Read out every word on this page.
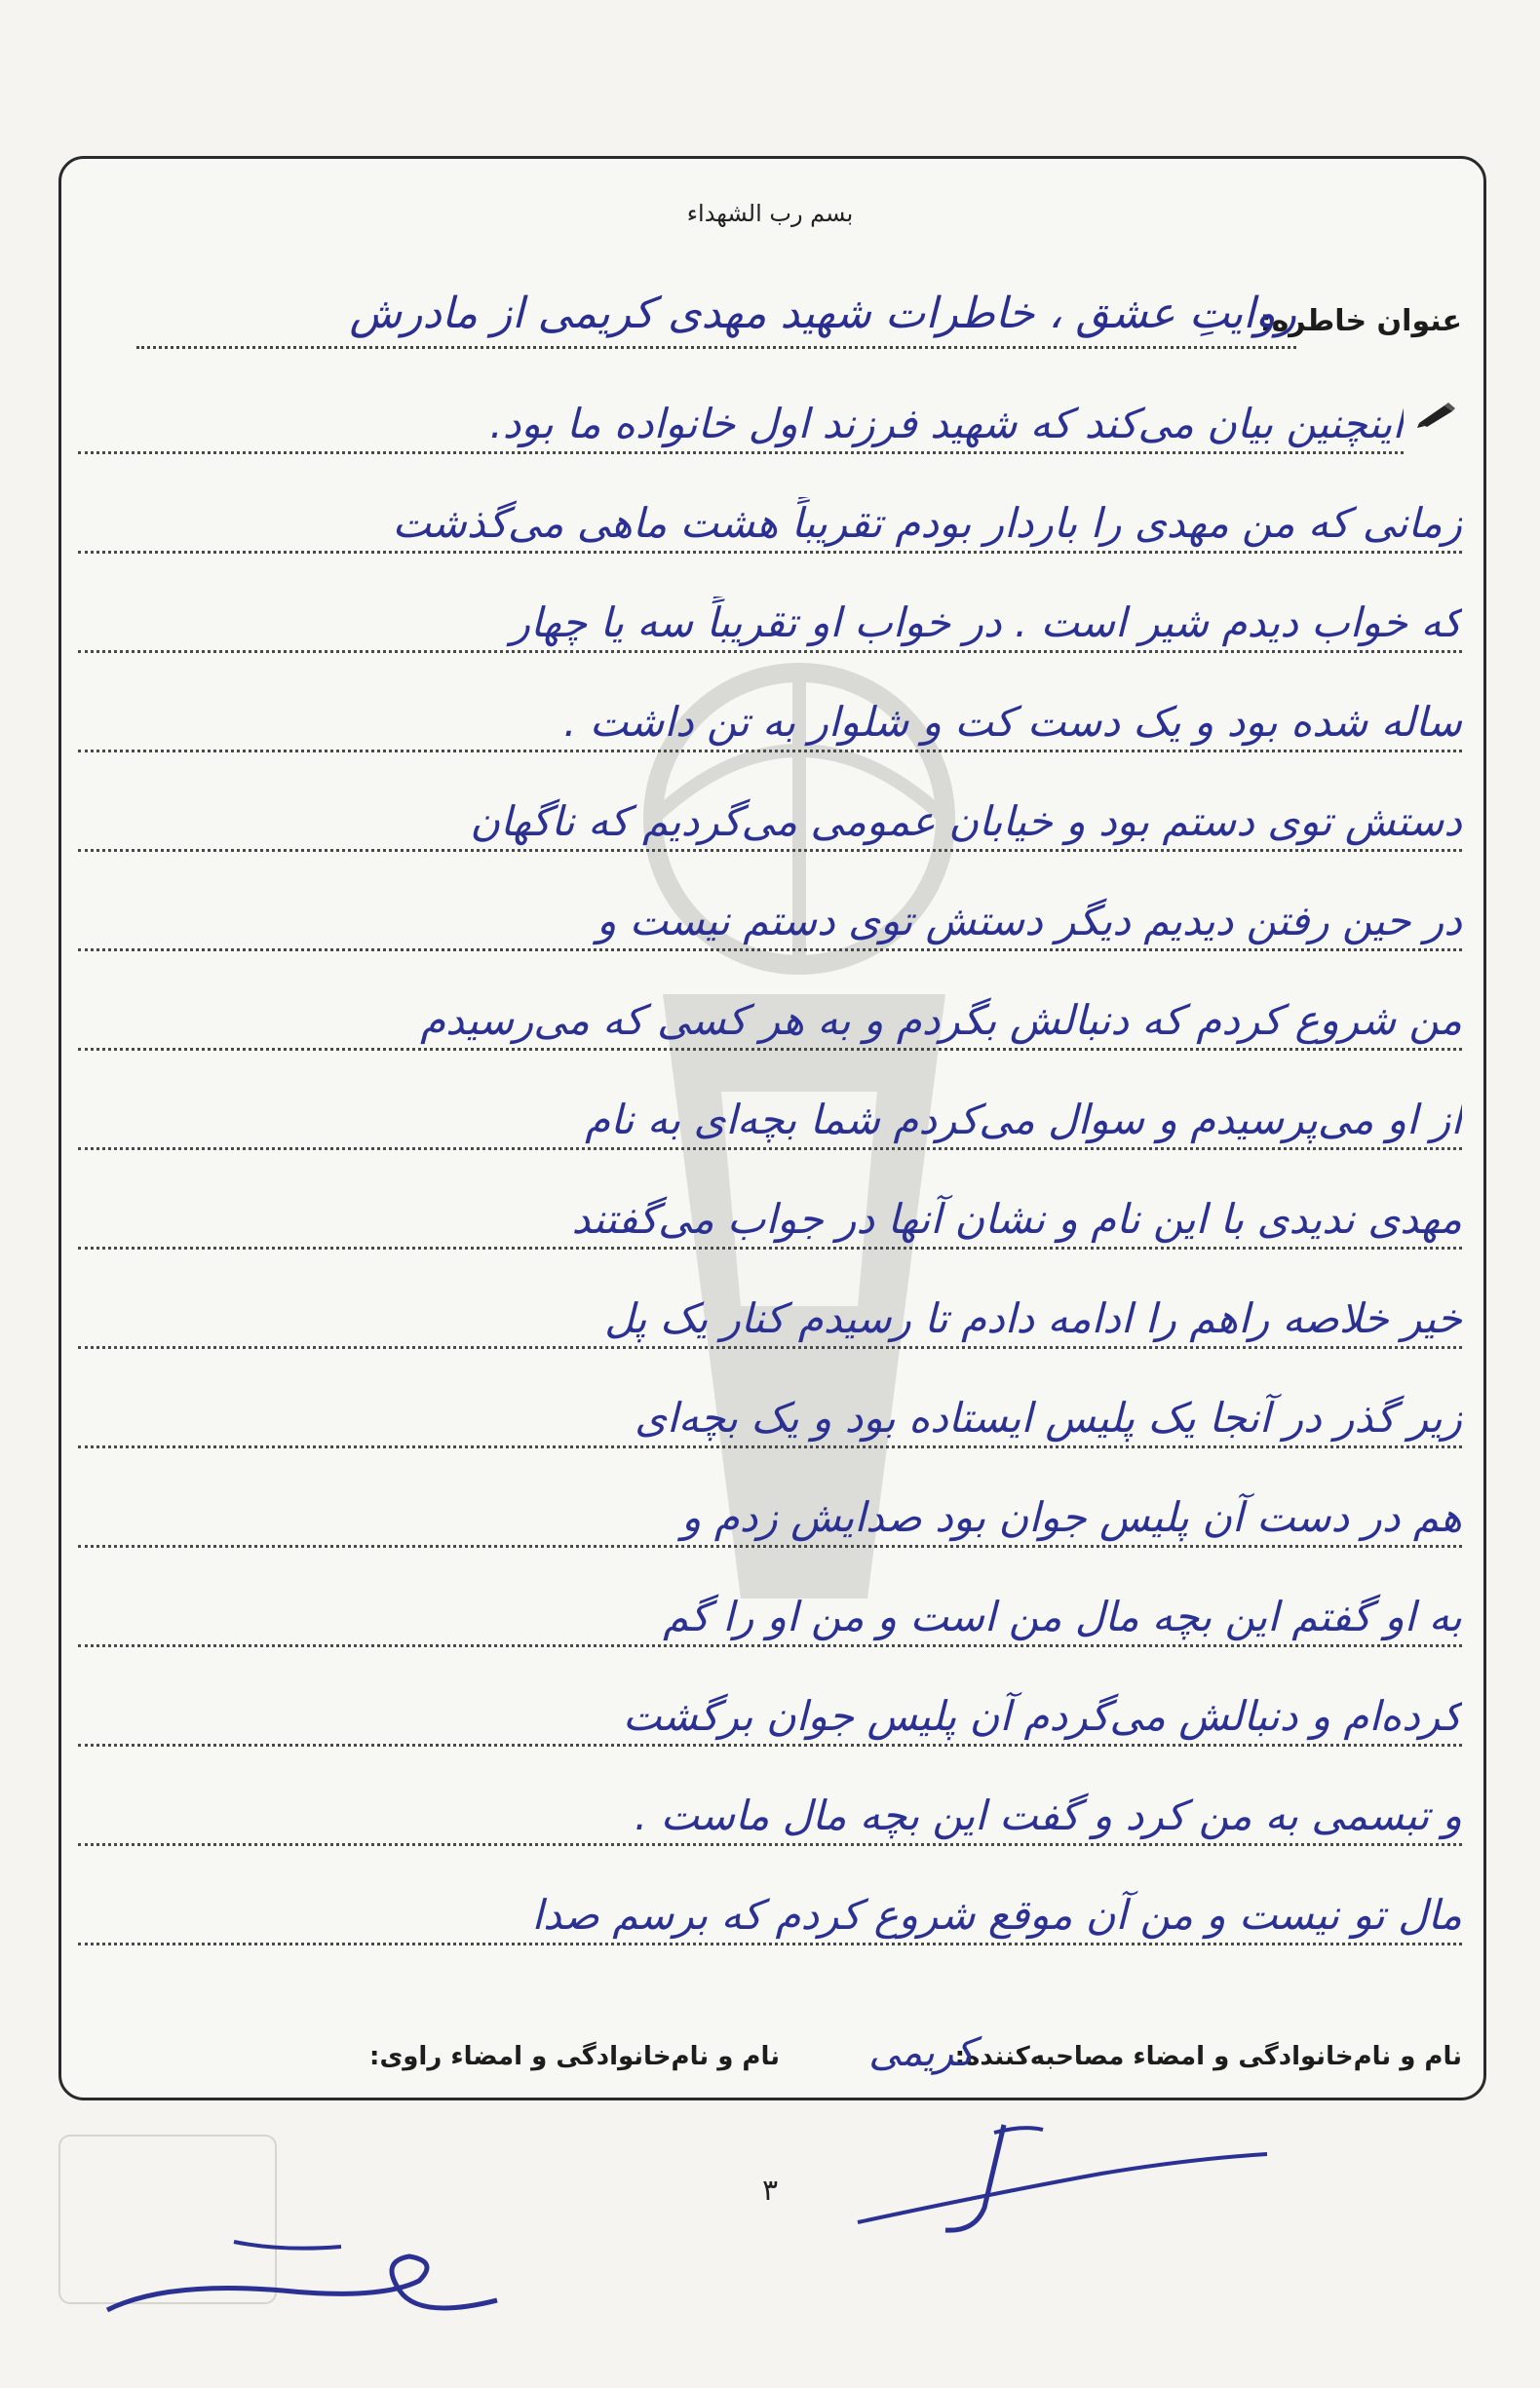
بسم رب الشهداء
عنوان خاطره:
روایتِ عشق ، خاطرات شهید مهدی کریمی از مادرش
اینچنین بیان می‌کند که شهید فرزند اول خانواده ما بود.
زمانی که من مهدی را باردار بودم تقریباً هشت ماهی می‌گذشت
که خواب دیدم شیر است . در خواب او تقریباً سه یا چهار
ساله شده بود و یک دست کت و شلوار به تن داشت .
دستش توی دستم بود و خیابان عمومی می‌گردیم که ناگهان
در حین رفتن دیدیم دیگر دستش توی دستم نیست و
من شروع کردم که دنبالش بگردم و به هر کسی که می‌رسیدم
از او می‌پرسیدم و سوال می‌کردم شما بچه‌ای به نام
مهدی ندیدی با این نام و نشان آنها در جواب می‌گفتند
خیر خلاصه راهم را ادامه دادم تا رسیدم کنار یک پل
زیر گذر در آنجا یک پلیس ایستاده بود و یک بچه‌ای
هم در دست آن پلیس جوان بود صدایش زدم و
به او گفتم این بچه مال من است و من او را گم
کرده‌ام و دنبالش می‌گردم آن پلیس جوان برگشت
و تبسمی به من کرد و گفت این بچه مال ماست .
مال تو نیست و من آن موقع شروع کردم که برسم صدا
نام و نام‌خانوادگی و امضاء مصاحبه‌کننده:
کریمی
نام و نام‌خانوادگی و امضاء راوی:
۳
